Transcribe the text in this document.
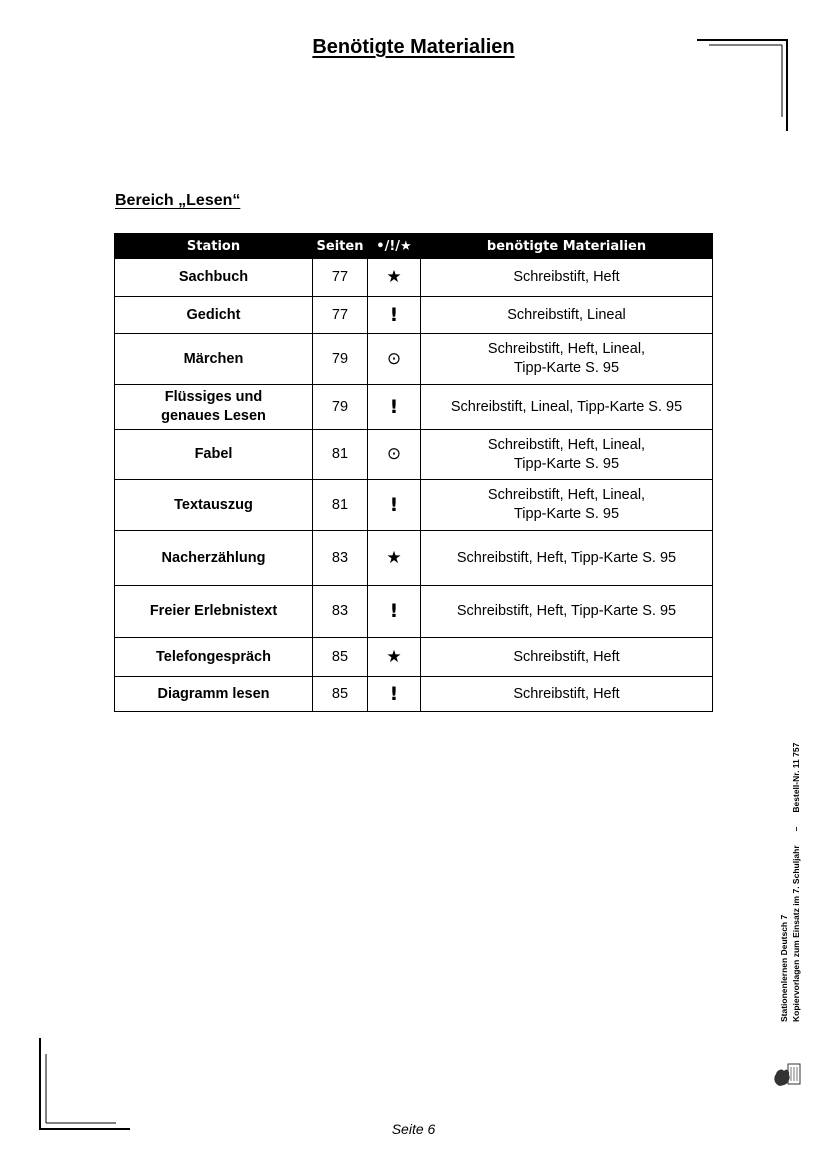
Benötigte Materialien
Bereich „Lesen“
Station	Seiten	•/!/★	benötigte Materialien
Sachbuch	77	★	Schreibstift, Heft
Gedicht	77	!	Schreibstift, Lineal
Märchen	79	⊙	Schreibstift, Heft, Lineal,
Tipp-Karte S. 95
Flüssiges und
genaues Lesen	79	!	Schreibstift, Lineal, Tipp-Karte S. 95
Fabel	81	⊙	Schreibstift, Heft, Lineal,
Tipp-Karte S. 95
Textauszug	81	!	Schreibstift, Heft, Lineal,
Tipp-Karte S. 95
Nacherzählung	83	★	Schreibstift, Heft, Tipp-Karte S. 95
Freier Erlebnistext	83	!	Schreibstift, Heft, Tipp-Karte S. 95
Telefongespräch	85	★	Schreibstift, Heft
Diagramm lesen	85	!	Schreibstift, Heft
Stationenlernen Deutsch 7 Kopiervorlagen zum Einsatz im 7. Schuljahr–Bestell-Nr. 11 757
Seite 6
